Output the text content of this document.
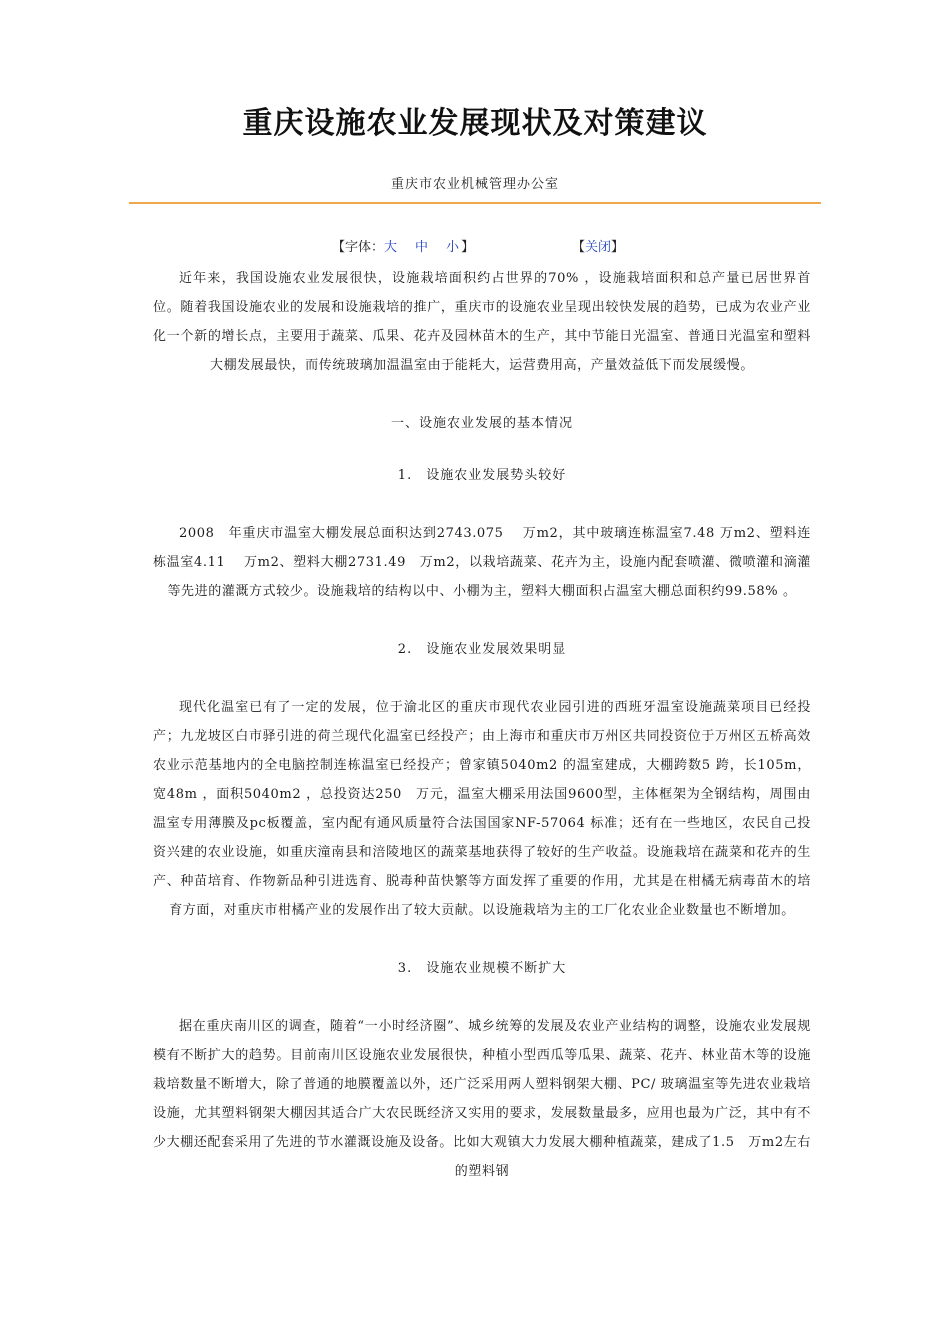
重庆设施农业发展现状及对策建议
重庆市农业机械管理办公室
【字体：大 中 小 】	【关闭】

近年来，我国设施农业发展很快，设施栽培面积约占世界的70% ，设施栽培面积和总产量已居世界首位。随着我国设施农业的发展和设施栽培的推广，重庆市的设施农业呈现出较快发展的趋势，已成为农业产业化一个新的增长点，主要用于蔬菜、瓜果、花卉及园林苗木的生产，其中节能日光温室、普通日光温室和塑料大棚发展最快，而传统玻璃加温温室由于能耗大，运营费用高，产量效益低下而发展缓慢。

一、设施农业发展的基本情况

1.　设施农业发展势头较好

2008　年重庆市温室大棚发展总面积达到2743.075　 万m2，其中玻璃连栋温室7.48 万m2、塑料连栋温室4.11　 万m2、塑料大棚2731.49　万m2，以栽培蔬菜、花卉为主，设施内配套喷灌、微喷灌和滴灌等先进的灌溉方式较少。设施栽培的结构以中、小棚为主，塑料大棚面积占温室大棚总面积约99.58% 。

2.　设施农业发展效果明显

现代化温室已有了一定的发展，位于渝北区的重庆市现代农业园引进的西班牙温室设施蔬菜项目已经投产；九龙坡区白市驿引进的荷兰现代化温室已经投产；由上海市和重庆市万州区共同投资位于万州区五桥高效农业示范基地内的全电脑控制连栋温室已经投产；曾家镇5040m2 的温室建成，大棚跨数5 跨，长105m，宽48m ，面积5040m2 ，总投资达250　万元，温室大棚采用法国9600型，主体框架为全钢结构，周围由温室专用薄膜及pc板覆盖，室内配有通风质量符合法国国家NF-57064 标准；还有在一些地区，农民自己投资兴建的农业设施，如重庆潼南县和涪陵地区的蔬菜基地获得了较好的生产收益。设施栽培在蔬菜和花卉的生产、种苗培育、作物新品种引进选育、脱毒种苗快繁等方面发挥了重要的作用，尤其是在柑橘无病毒苗木的培育方面，对重庆市柑橘产业的发展作出了较大贡献。以设施栽培为主的工厂化农业企业数量也不断增加。

3.　设施农业规模不断扩大

据在重庆南川区的调查，随着“一小时经济圈”、城乡统筹的发展及农业产业结构的调整，设施农业发展规模有不断扩大的趋势。目前南川区设施农业发展很快，种植小型西瓜等瓜果、蔬菜、花卉、林业苗木等的设施栽培数量不断增大，除了普通的地膜覆盖以外，还广泛采用两人塑料钢架大棚、PC/ 玻璃温室等先进农业栽培设施，尤其塑料钢架大棚因其适合广大农民既经济又实用的要求，发展数量最多，应用也最为广泛，其中有不少大棚还配套采用了先进的节水灌溉设施及设备。比如大观镇大力发展大棚种植蔬菜，建成了1.5　万m2左右的塑料钢
